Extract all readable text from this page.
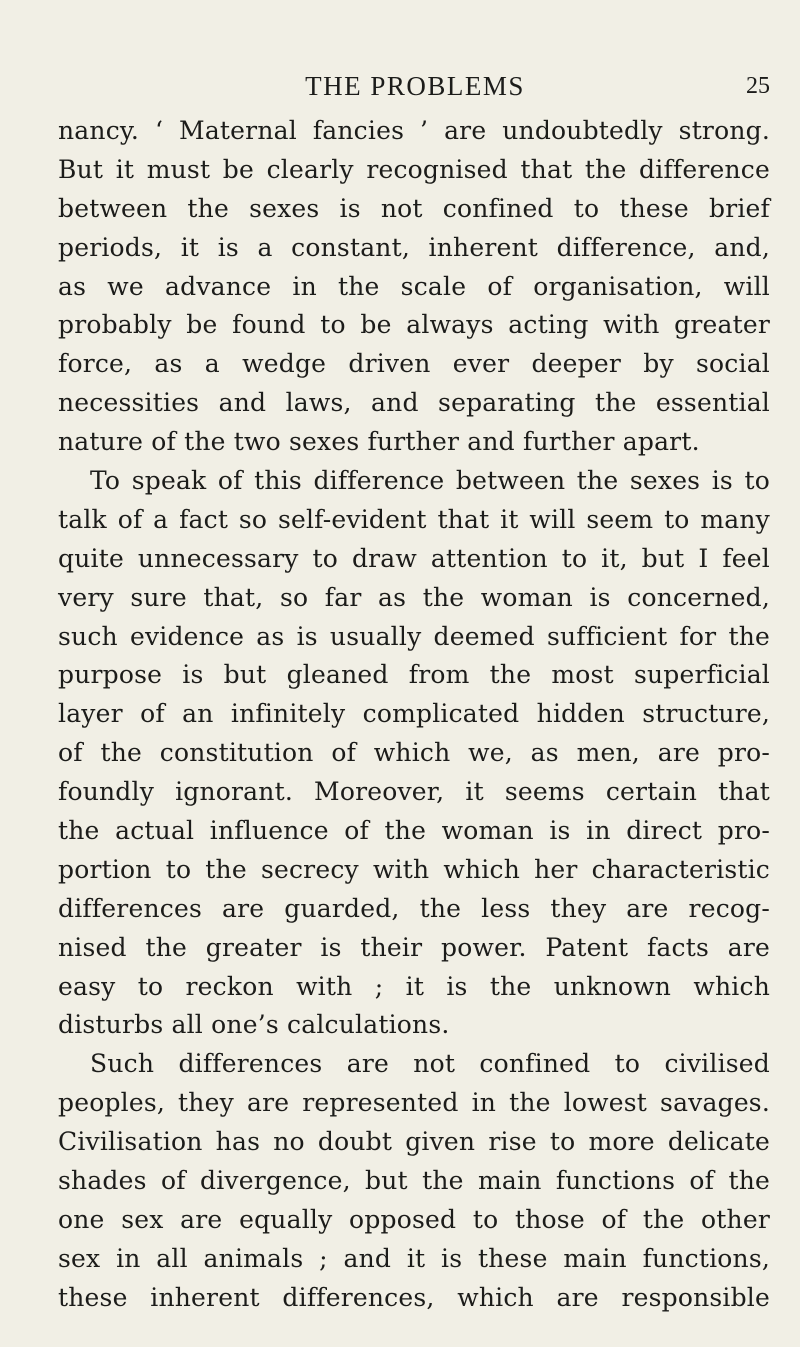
THE PROBLEMS	25
nancy. ‘ Maternal fancies ’ are undoubtedly strong.
But it must be clearly recognised that the difference
between the sexes is not confined to these brief
periods, it is a constant, inherent difference, and,
as we advance in the scale of organisation, will
probably be found to be always acting with greater
force, as a wedge driven ever deeper by social
necessities and laws, and separating the essential
nature of the two sexes further and further apart.
To speak of this difference between the sexes is to
talk of a fact so self-evident that it will seem to many
quite unnecessary to draw attention to it, but I feel
very sure that, so far as the woman is concerned,
such evidence as is usually deemed sufficient for the
purpose is but gleaned from the most superficial
layer of an infinitely complicated hidden structure,
of the constitution of which we, as men, are pro-
foundly ignorant. Moreover, it seems certain that
the actual influence of the woman is in direct pro-
portion to the secrecy with which her characteristic
differences are guarded, the less they are recog-
nised the greater is their power. Patent facts are
easy to reckon with ; it is the unknown which
disturbs all one’s calculations.
Such differences are not confined to civilised
peoples, they are represented in the lowest savages.
Civilisation has no doubt given rise to more delicate
shades of divergence, but the main functions of the
one sex are equally opposed to those of the other
sex in all animals ; and it is these main functions,
these inherent differences, which are responsible
